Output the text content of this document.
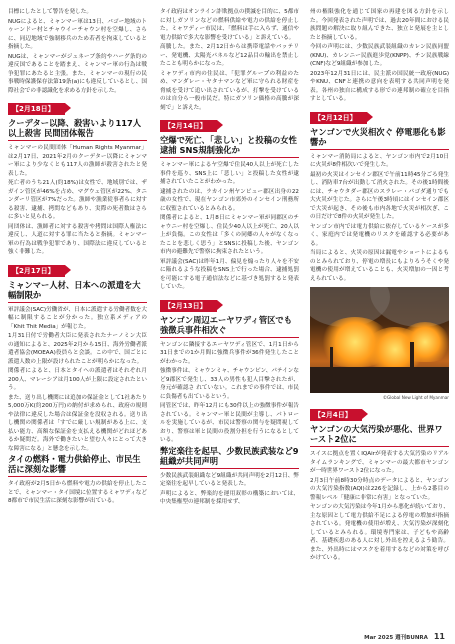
目標にしたとして警告を発した。

NUGによると、ミャンマー軍は13日、バゴー地域のトゥーンドー村とチャウイーチャウン村を空爆し、さらに、同辺地域で強制移兵のため若者を拘束していると指摘した。

NUGは、ミャンマーがジュネーブ条約やハーグ条約の違反国であることを踏まえ、ミャンマー軍の行為は戦争犯罪にあたると主張。また、ミャンマーの現行の民事戦時保護保存法第19条(a)にも違反しているとし、国際社会での非認識化を求める方針を示した。

【2月18日】
クーデター以降、殺害いより117人以上殺害 民間団体報告

ミャンマーの民間団体「Human Rights Myanmar」は2月17日、2021年2月のクーデター以降にミャンマー軍により少なくとも117人の漁師が殺害されたと発表した。

死亡者のうち21人(約18%)は女性で、地域別では、ザガイン管区が46%を占め、マグウェ管区が22%、タニンダーリ管区が7%だった。漁師や漁業従事者らに対する殺害、逮捕、拷問などもあり、実際の死者数はさらに多いと見られる。

同団体は、漁師者に対する殺害や拷問は国際人権法に違反し、人道に対する罪に当たると指摘。ミャンマー軍の行為は戦争犯罪であり、国際法に違反していると強く非難した。

【2月17日】
ミャンマー人材、日本への派遣を大幅制限か

軍評議会(SAC)労働省が、日本に派遣する労働者数を大幅に制限することが分かった。独立系メディアの「Khit Thit Media」が報じた。

1月31日付で労働者大臣に発表されたナーノミン大臣の通知によると、2025年2月から15日、海外労働者派遣者協会(MOEAA)役員らと会談。この中で、国ごとに派遣人数の上限が設けられたことが明らかになった。

関係者によると、日本とタイへの派遣者はそれぞれ月200人、マレーシアは月100人が上限に設定されたという。

また、送り出し機関には追加の保証金として1社あたり5,000万K(約200万円)の納付が求められ、政府の規則や法律に違反した場合は保証金を没収される。送り出し機関の関係者は「すでに厳しい規制がある上に、支払い能力、高額な保証金を支払える機関がどれほどあるか疑問だ。海外で働きたいと望む人々にとって大きな障害になる」と懸念を示した。

タイの燃料・電力供給停止、市民生活に深刻な影響

タイ政府が2月5日から燃料や電力の供給を停止したことで、ミャンマー・タイ国境に位置するミャワディなど8都市で市民生活に深刻な影響が出ている。

タイ政府はオンライン詐欺拠点の撲滅を目的に、5都市に対しガソリンなどの燃料供給や電力の供給を停止した。ミャワディー市民は、「燃料は手に入らず、通信や電力供給で多大な影響を受けている」と訴えている。

高騰した。また、2月12日からは携帯電話やバッテリー、発電機、太陽光パネルなど12品目の輸出を禁止したことも明らかになった。

ミャワディ市内の住民は、「犯罪グループの利益のため、マンダレー・ヤタナマンなど軍に守られる財産を脅威を受けて追い出されているが、打撃を受けているのは自分ら一般市民だ。特にガソリン価格の高騰が深刻で」と訴えた。

【2月14日】
空爆で死亡、「悲しい」と投稿の女性逮捕 SNS規制強化か

ミャンマー軍によるヤ空爆で住民40人以上が死亡した事件を巡り、SNS上に「悲しい」と投稿した女性が逮捕されていたことがわかった。

逮捕されたのは、ラカイン州ヤンビュー郡区出身の22歳の女性で、現在ヤンゴン市郊外のインセイン刑務所に収監されているとみられる。

関係者によると、1月8日にミャンマー軍が同郡区のチャウニー村を空爆し、住民少40人以上が死亡、20人以上が負傷。この女性は「多くの同郷の人々がなくなったことを悲しく思う」とSNSに投稿した後、ヤンゴン市内の避難先で警察に拘束されたという。

軍評議会(SAC)は昨年1月、偏見を煽ったり人々を不安に陥れるような投稿をSNS上で行った場合、逮捕処罰を可能にする電子通信法などに基づき処罰すると発表していた。

【2月13日】
ヤンゴン周辺エーヤワディ管区でも強徴兵事件相次ぐ

ヤンゴンに隣接するエーヤワディ管区で、1月1日から31日までの1か月間に強徴兵事件が36件発生したことがわかった。

強徴事件は、ミャウンミャ、チャウンピン、パテインなど9郡区で発生し、33人の男性も犯人目撃されたが、身元が確認さ れていない。これまでの事件では、市民に負傷者も出ているという。

同管区では、昨年12月にも30件以上の強徴事件が報告されている。ミャンマー軍と民間が主導し、パトロールを実施しているが、市民は警察の関与を疑問視しており、警察は軍と民間の役割分担を行うになるとしている。

弊定楽往を起早、少数民族武装など9組織が共同声明

少数民族武装組織など9組織が共同声明を2月12日、弊定楽往を起早していると発表した。

声明によると、弊楽約を運用双彰の構築においては、中央集権型の連邦制を採用せず、

州の権限強化を通じて国家の再建を図る方針を示した。今回発表された声明では、過去20年間における民族問題の解決に取り組んできた、独立と発展を主としたと指摘している。

今回の声明には、少数民族武装組織のカレン民族同盟(KNU)、カレンニー民族進歩党(KNPP)、チン民族戦線(CNF)など9組織が参加した。

2023年12月31日には、民主派の国民統一政府(NUG)やKNU、CNFと連携の意向を表明する共同声明を発表。各州の独自に構成する形での連邦制の確立を目指すとしている。

【2月12日】
ヤンゴンで火災相次ぐ 停電悪化も影響か

ミャンマー消防局によると、ヤンゴン市内で2月10日に火災が8件相次いで発生した。

最初の火災はインセイン郡区で午前11時45分ごろ発生し、消防車7台が出動して消火された。その後1時間後には、チャウタダー郡区のスラレー・パゴダ通りでも大火災が生じた。さらに午後3時頃にはインセイン郡区で大災が起き、その後も市内各地で火災が相次ぎ、この日だけで8件の火災が発生した。

ヤンゴン市内では電力供給に依存しているケースが多く、家庭内では発電機のリスクを確認する必要がある。

当局によると、火災の原因は漏電やショートによるものとみられており、停電の増長にもよりろうそくや発電機の使用が増えていることも、火災増加の一因と考えられている。

©Global New Light of Myanmar
【2月4日】
ヤンゴンの大気汚染が悪化、世界ワースト2位に

スイスに拠点を置くIQAirが発表する大気汚染のリアルタイムランキングで、ミャンマーの最大都市ヤンゴンが一時世界ワースト2位になった。

2月3日午前8時30分時点のデータによると、ヤンゴンの大気汚染指数(AQI)は226を記録し、上から2番目の警報レベル「健康に非常に有害」となっていた。

ヤンゴンの大気汚染は今年1月から悪化が続いており、主な原因として電力供給不足による停電の増加が指摘されている。発電機の使用が増え、大気汚染が深刻化しているとみられる。環境専門家は、子どもや高齢者、基礎疾患のある人に対し外出を控えるよう勧告。また、外出時にはマスクを着用するなどの対策を呼びかけている。

Mar 2025 週刊BUNRA 11
